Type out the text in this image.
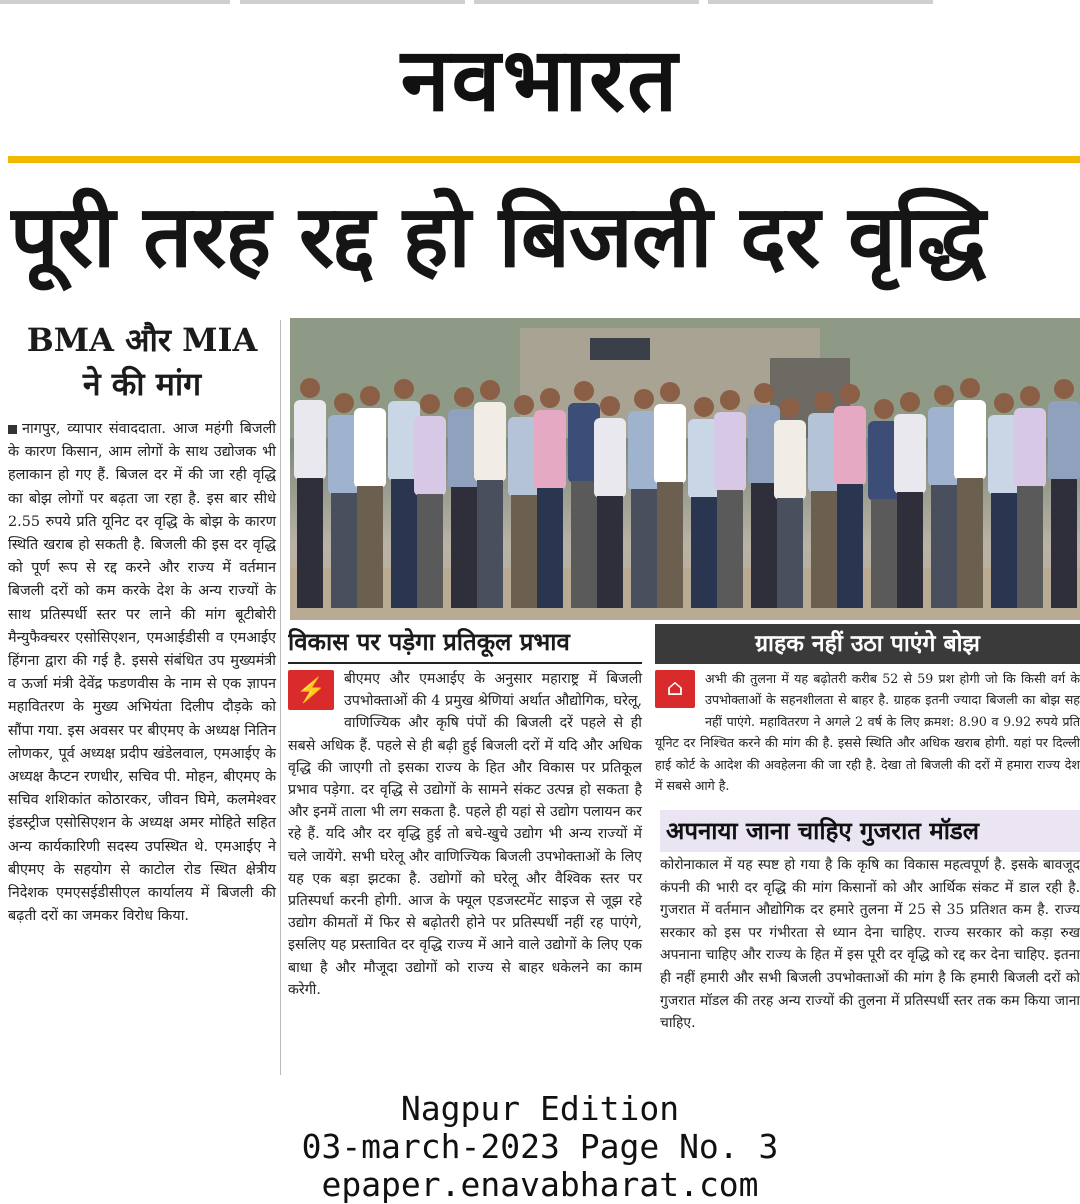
नवभारत
पूरी तरह रद्द हो बिजली दर वृद्धि
BMA और MIA
ने की मांग
नागपुर, व्यापार संवाददाता. आज महंगी बिजली के कारण किसान, आम लोगों के साथ उद्योजक भी हलाकान हो गए हैं. बिजल दर में की जा रही वृद्धि का बोझ लोगों पर बढ़ता जा रहा है. इस बार सीधे 2.55 रुपये प्रति यूनिट दर वृद्धि के बोझ के कारण स्थिति खराब हो सकती है. बिजली की इस दर वृद्धि को पूर्ण रूप से रद्द करने और राज्य में वर्तमान बिजली दरों को कम करके देश के अन्य राज्यों के साथ प्रतिस्पर्धी स्तर पर लाने की मांग बूटीबोरी मैन्युफैक्चरर एसोसिएशन, एमआईडीसी व एमआईए हिंगना द्वारा की गई है. इससे संबंधित उप मुख्यमंत्री व ऊर्जा मंत्री देवेंद्र फडणवीस के नाम से एक ज्ञापन महावितरण के मुख्य अभियंता दिलीप दौड़के को सौंपा गया. इस अवसर पर बीएमए के अध्यक्ष नितिन लोणकर, पूर्व अध्यक्ष प्रदीप खंडेलवाल, एमआईए के अध्यक्ष कैप्टन रणधीर, सचिव पी. मोहन, बीएमए के सचिव शशिकांत कोठारकर, जीवन घिमे, कलमेश्वर इंडस्ट्रीज एसोसिएशन के अध्यक्ष अमर मोहिते सहित अन्य कार्यकारिणी सदस्य उपस्थित थे. एमआईए ने बीएमए के सहयोग से काटोल रोड स्थित क्षेत्रीय निदेशक एमएसईडीसीएल कार्यालय में बिजली की बढ़ती दरों का जमकर विरोध किया.
विकास पर पड़ेगा प्रतिकूल प्रभाव	ग्राहक नहीं उठा पाएंगे बोझ
⚡	बीएमए और एमआईए के अनुसार महाराष्ट्र में बिजली उपभोक्ताओं की 4 प्रमुख श्रेणियां अर्थात औद्योगिक, घरेलू, वाणिज्यिक और कृषि पंपों की बिजली दरें पहले से ही सबसे अधिक हैं. पहले से ही बढ़ी हुई बिजली दरों में यदि और अधिक वृद्धि की जाएगी तो इसका राज्य के हित और विकास पर प्रतिकूल प्रभाव पड़ेगा. दर वृद्धि से उद्योगों के सामने संकट उत्पन्न हो सकता है और इनमें ताला भी लग सकता है. पहले ही यहां से उद्योग पलायन कर रहे हैं. यदि और दर वृद्धि हुई तो बचे-खुचे उद्योग भी अन्य राज्यों में चले जायेंगे. सभी घरेलू और वाणिज्यिक बिजली उपभोक्ताओं के लिए यह एक बड़ा झटका है. उद्योगों को घरेलू और वैश्विक स्तर पर प्रतिस्पर्धा करनी होगी. आज के फ्यूल एडजस्टमेंट साइज से जूझ रहे उद्योग कीमतों में फिर से बढ़ोतरी होने पर प्रतिस्पर्धी नहीं रह पाएंगे, इसलिए यह प्रस्तावित दर वृद्धि राज्य में आने वाले उद्योगों के लिए एक बाधा है और मौजूदा उद्योगों को राज्य से बाहर धकेलने का काम करेगी.
⌂	अभी की तुलना में यह बढ़ोतरी करीब 52 से 59 प्रश होगी जो कि किसी वर्ग के उपभोक्ताओं के सहनशीलता से बाहर है. ग्राहक इतनी ज्यादा बिजली का बोझ सह नहीं पाएंगे. महावितरण ने अगले 2 वर्ष के लिए क्रमश: 8.90 व 9.92 रुपये प्रति यूनिट दर निश्चित करने की मांग की है. इससे स्थिति और अधिक खराब होगी. यहां पर दिल्ली हाई कोर्ट के आदेश की अवहेलना की जा रही है. देखा तो बिजली की दरों में हमारा राज्य देश में सबसे आगे है.
अपनाया जाना चाहिए गुजरात मॉडल
कोरोनाकाल में यह स्पष्ट हो गया है कि कृषि का विकास महत्वपूर्ण है. इसके बावजूद कंपनी की भारी दर वृद्धि की मांग किसानों को और आर्थिक संकट में डाल रही है. गुजरात में वर्तमान औद्योगिक दर हमारे तुलना में 25 से 35 प्रतिशत कम है. राज्य सरकार को इस पर गंभीरता से ध्यान देना चाहिए. राज्य सरकार को कड़ा रुख अपनाना चाहिए और राज्य के हित में इस पूरी दर वृद्धि को रद्द कर देना चाहिए. इतना ही नहीं हमारी और सभी बिजली उपभोक्ताओं की मांग है कि हमारी बिजली दरों को गुजरात मॉडल की तरह अन्य राज्यों की तुलना में प्रतिस्पर्धी स्तर तक कम किया जाना चाहिए.
Nagpur Edition
03-march-2023 Page No. 3
epaper.enavabharat.com
